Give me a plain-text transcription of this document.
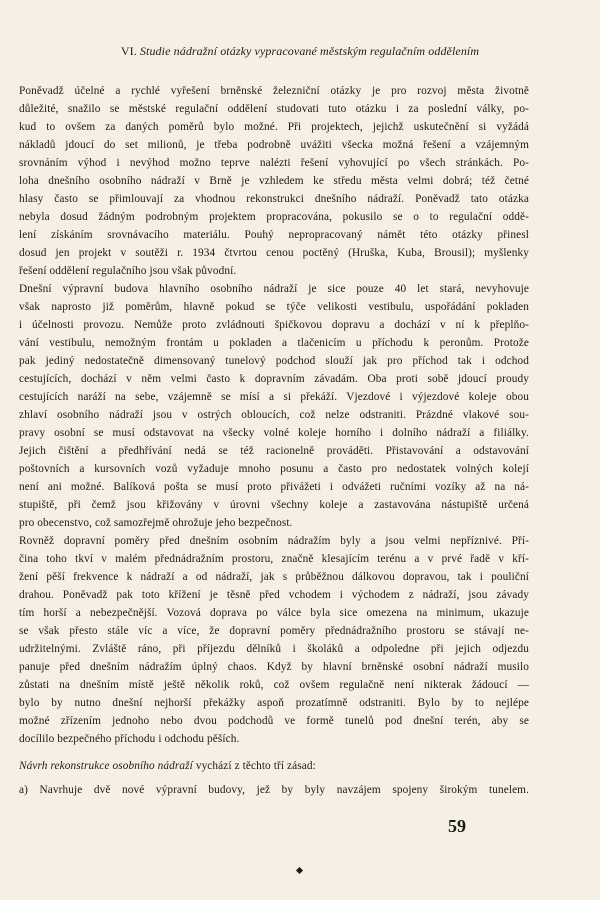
VI. Studie nádražní otázky vypracované městským regulačním oddělením
Poněvadž účelné a rychlé vyřešení brněnské železniční otázky je pro rozvoj města životně
důležité, snažilo se městské regulační oddělení studovati tuto otázku i za poslední války, po-
kud to ovšem za daných poměrů bylo možné. Při projektech, jejichž uskutečnění si vyžádá
nákladů jdoucí do set milionů, je třeba podrobně uvážiti všecka možná řešení a vzájemným
srovnáním výhod i nevýhod možno teprve nalézti řešení vyhovující po všech stránkách. Po-
loha dnešního osobního nádraží v Brně je vzhledem ke středu města velmi dobrá; též četné
hlasy často se přimlouvají za vhodnou rekonstrukci dnešního nádraží. Poněvadž tato otázka
nebyla dosud žádným podrobným projektem propracována, pokusilo se o to regulační oddě-
lení získáním srovnávacího materiálu. Pouhý nepropracovaný námět této otázky přinesl
dosud jen projekt v soutěži r. 1934 čtvrtou cenou poctěný (Hruška, Kuba, Brousil); myšlenky
řešení oddělení regulačního jsou však původní.
Dnešní výpravní budova hlavního osobního nádraží je sice pouze 40 let stará, nevyhovuje
však naprosto již poměrům, hlavně pokud se týče velikosti vestibulu, uspořádání pokladen
i účelnosti provozu. Nemůže proto zvládnouti špičkovou dopravu a dochází v ní k přeplňo-
vání vestibulu, nemožným frontám u pokladen a tlačenicím u příchodu k peronům. Protože
pak jediný nedostatečně dimensovaný tunelový podchod slouží jak pro příchod tak i odchod
cestujících, dochází v něm velmi často k dopravním závadám. Oba proti sobě jdoucí proudy
cestujících naráží na sebe, vzájemně se mísí a si překáží. Vjezdové i výjezdové koleje obou
zhlaví osobního nádraží jsou v ostrých obloucích, což nelze odstraniti. Prázdné vlakové sou-
pravy osobní se musí odstavovat na všecky volné koleje horního i dolního nádraží a filiálky.
Jejich čištění a předhřívání nedá se též racionelně prováděti. Přistavování a odstavování
poštovních a kursovních vozů vyžaduje mnoho posunu a často pro nedostatek volných kolejí
není ani možné. Balíková pošta se musí proto přivážeti i odvážeti ručními vozíky až na ná-
stupiště, při čemž jsou křižovány v úrovni všechny koleje a zastavována nástupiště určená
pro obecenstvo, což samozřejmě ohrožuje jeho bezpečnost.
Rovněž dopravní poměry před dnešním osobním nádražím byly a jsou velmi nepříznivé. Pří-
čina toho tkví v malém přednádražním prostoru, značně klesajícím terénu a v prvé řadě v kří-
žení pěší frekvence k nádraží a od nádraží, jak s průběžnou dálkovou dopravou, tak i pouliční
drahou. Poněvadž pak toto křížení je těsně před vchodem i východem z nádraží, jsou závady
tím horší a nebezpečnější. Vozová doprava po válce byla sice omezena na minimum, ukazuje
se však přesto stále víc a více, že dopravní poměry přednádražního prostoru se stávají ne-
udržitelnými. Zvláště ráno, při příjezdu dělníků i školáků a odpoledne při jejich odjezdu
panuje před dnešním nádražím úplný chaos. Když by hlavní brněnské osobní nádraží musilo
zůstati na dnešním místě ještě několik roků, což ovšem regulačně není nikterak žádoucí —
bylo by nutno dnešní nejhorší překážky aspoň prozatímně odstraniti. Bylo by to nejlépe
možné zřízením jednoho nebo dvou podchodů ve formě tunelů pod dnešní terén, aby se
docílilo bezpečného příchodu i odchodu pěších.
Návrh rekonstrukce osobního nádraží vychází z těchto tří zásad:
a) Navrhuje dvě nové výpravní budovy, jež by byly navzájem spojeny širokým tunelem.
59
